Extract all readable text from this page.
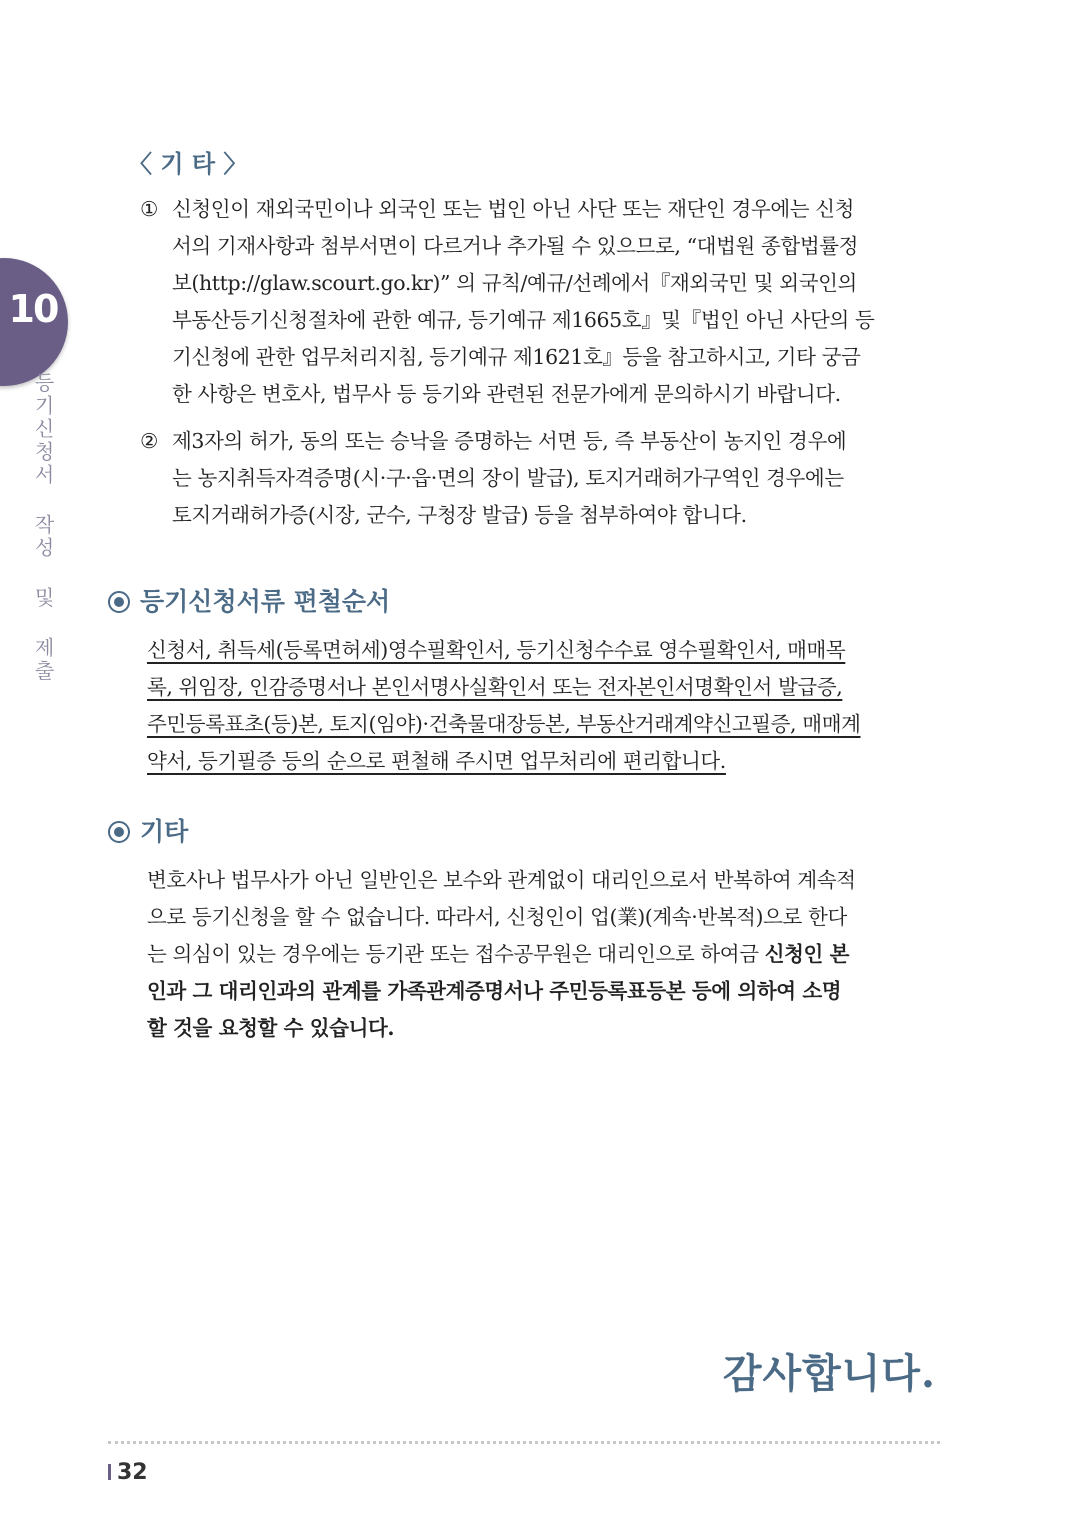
10
등기신청서 작성 및 제출
〈 기 타 〉
① 신청인이 재외국민이나 외국인 또는 법인 아닌 사단 또는 재단인 경우에는 신청
서의 기재사항과 첨부서면이 다르거나 추가될 수 있으므로, “대법원 종합법률정
보(http://glaw.scourt.go.kr)” 의 규칙/예규/선례에서『재외국민 및 외국인의
부동산등기신청절차에 관한 예규, 등기예규 제1665호』및『법인 아닌 사단의 등
기신청에 관한 업무처리지침, 등기예규 제1621호』등을 참고하시고, 기타 궁금
한 사항은 변호사, 법무사 등 등기와 관련된 전문가에게 문의하시기 바랍니다.
② 제3자의 허가, 동의 또는 승낙을 증명하는 서면 등, 즉 부동산이 농지인 경우에
는 농지취득자격증명(시·구·읍·면의 장이 발급), 토지거래허가구역인 경우에는
토지거래허가증(시장, 군수, 구청장 발급) 등을 첨부하여야 합니다.
등기신청서류 편철순서
신청서, 취득세(등록면허세)영수필확인서, 등기신청수수료 영수필확인서, 매매목
록, 위임장, 인감증명서나 본인서명사실확인서 또는 전자본인서명확인서 발급증,
주민등록표초(등)본, 토지(임야)·건축물대장등본, 부동산거래계약신고필증, 매매계
약서, 등기필증 등의 순으로 편철해 주시면 업무처리에 편리합니다.
기타
변호사나 법무사가 아닌 일반인은 보수와 관계없이 대리인으로서 반복하여 계속적
으로 등기신청을 할 수 없습니다. 따라서, 신청인이 업(業)(계속·반복적)으로 한다
는 의심이 있는 경우에는 등기관 또는 접수공무원은 대리인으로 하여금 신청인 본
인과 그 대리인과의 관계를 가족관계증명서나 주민등록표등본 등에 의하여 소명
할 것을 요청할 수 있습니다.
감사합니다.
32
